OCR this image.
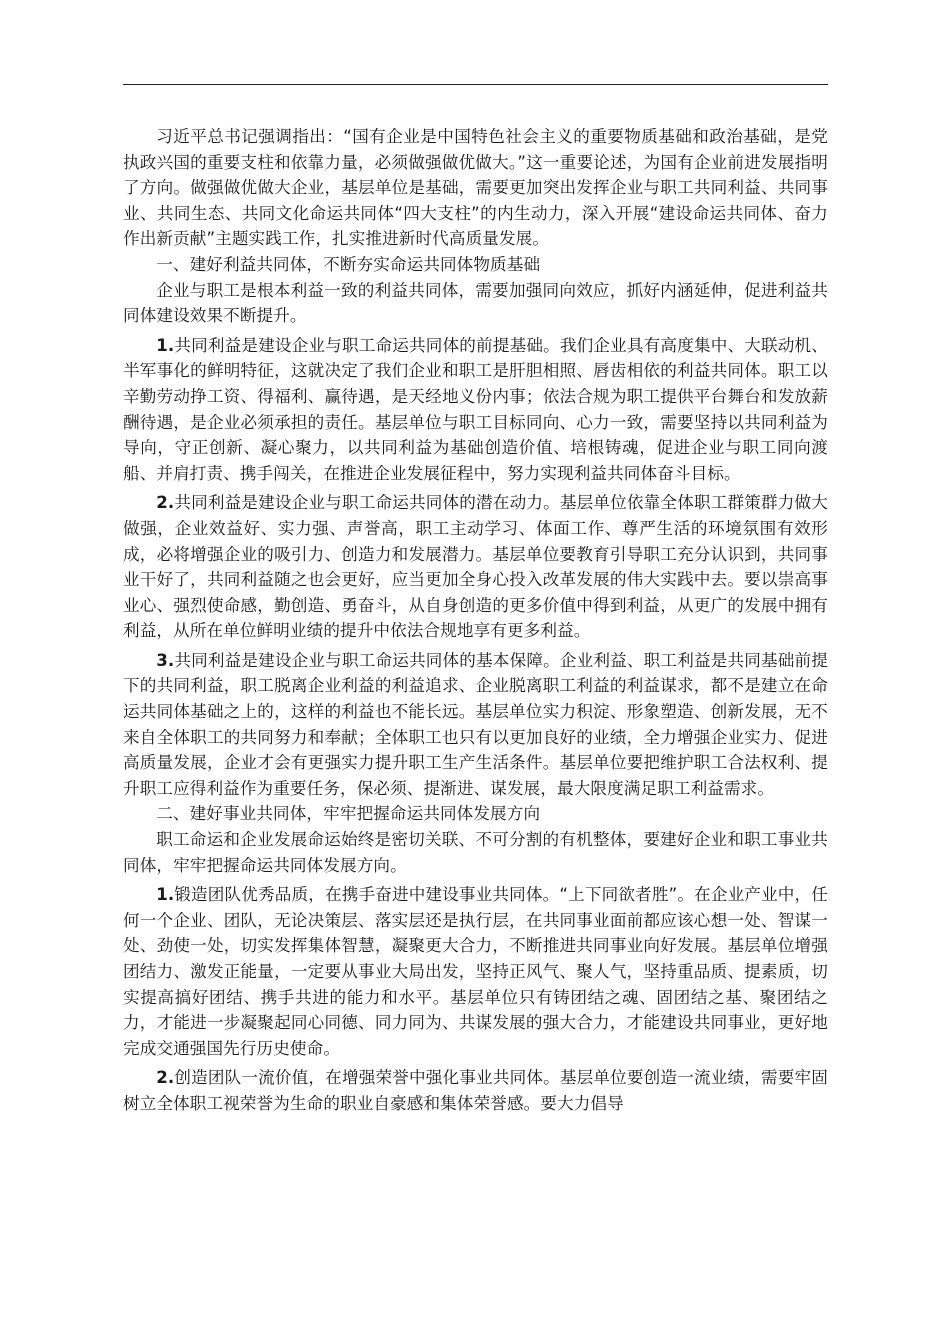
习近平总书记强调指出：“国有企业是中国特色社会主义的重要物质基础和政治基础，是党执政兴国的重要支柱和依靠力量，必须做强做优做大。”这一重要论述，为国有企业前进发展指明了方向。做强做优做大企业，基层单位是基础，需要更加突出发挥企业与职工共同利益、共同事业、共同生态、共同文化命运共同体“四大支柱”的内生动力，深入开展“建设命运共同体、奋力作出新贡献”主题实践工作，扎实推进新时代高质量发展。

一、建好利益共同体，不断夯实命运共同体物质基础

企业与职工是根本利益一致的利益共同体，需要加强同向效应，抓好内涵延伸，促进利益共同体建设效果不断提升。

1.共同利益是建设企业与职工命运共同体的前提基础。我们企业具有高度集中、大联动机、半军事化的鲜明特征，这就决定了我们企业和职工是肝胆相照、唇齿相依的利益共同体。职工以辛勤劳动挣工资、得福利、赢待遇，是天经地义份内事；依法合规为职工提供平台舞台和发放薪酬待遇，是企业必须承担的责任。基层单位与职工目标同向、心力一致，需要坚持以共同利益为导向，守正创新、凝心聚力，以共同利益为基础创造价值、培根铸魂，促进企业与职工同向渡船、并肩打责、携手闯关，在推进企业发展征程中，努力实现利益共同体奋斗目标。

2.共同利益是建设企业与职工命运共同体的潜在动力。基层单位依靠全体职工群策群力做大做强，企业效益好、实力强、声誉高，职工主动学习、体面工作、尊严生活的环境氛围有效形成，必将增强企业的吸引力、创造力和发展潜力。基层单位要教育引导职工充分认识到，共同事业干好了，共同利益随之也会更好，应当更加全身心投入改革发展的伟大实践中去。要以崇高事业心、强烈使命感，勤创造、勇奋斗，从自身创造的更多价值中得到利益，从更广的发展中拥有利益，从所在单位鲜明业绩的提升中依法合规地享有更多利益。

3.共同利益是建设企业与职工命运共同体的基本保障。企业利益、职工利益是共同基础前提下的共同利益，职工脱离企业利益的利益追求、企业脱离职工利益的利益谋求，都不是建立在命运共同体基础之上的，这样的利益也不能长远。基层单位实力积淀、形象塑造、创新发展，无不来自全体职工的共同努力和奉献；全体职工也只有以更加良好的业绩，全力增强企业实力、促进高质量发展，企业才会有更强实力提升职工生产生活条件。基层单位要把维护职工合法权利、提升职工应得利益作为重要任务，保必须、提渐进、谋发展，最大限度满足职工利益需求。

二、建好事业共同体，牢牢把握命运共同体发展方向

职工命运和企业发展命运始终是密切关联、不可分割的有机整体，要建好企业和职工事业共同体，牢牢把握命运共同体发展方向。

1.锻造团队优秀品质，在携手奋进中建设事业共同体。“上下同欲者胜”。在企业产业中，任何一个企业、团队，无论决策层、落实层还是执行层，在共同事业面前都应该心想一处、智谋一处、劲使一处，切实发挥集体智慧，凝聚更大合力，不断推进共同事业向好发展。基层单位增强团结力、激发正能量，一定要从事业大局出发，坚持正风气、聚人气，坚持重品质、提素质，切实提高搞好团结、携手共进的能力和水平。基层单位只有铸团结之魂、固团结之基、聚团结之力，才能进一步凝聚起同心同德、同力同为、共谋发展的强大合力，才能建设共同事业，更好地完成交通强国先行历史使命。

2.创造团队一流价值，在增强荣誉中强化事业共同体。基层单位要创造一流业绩，需要牢固树立全体职工视荣誉为生命的职业自豪感和集体荣誉感。要大力倡导
